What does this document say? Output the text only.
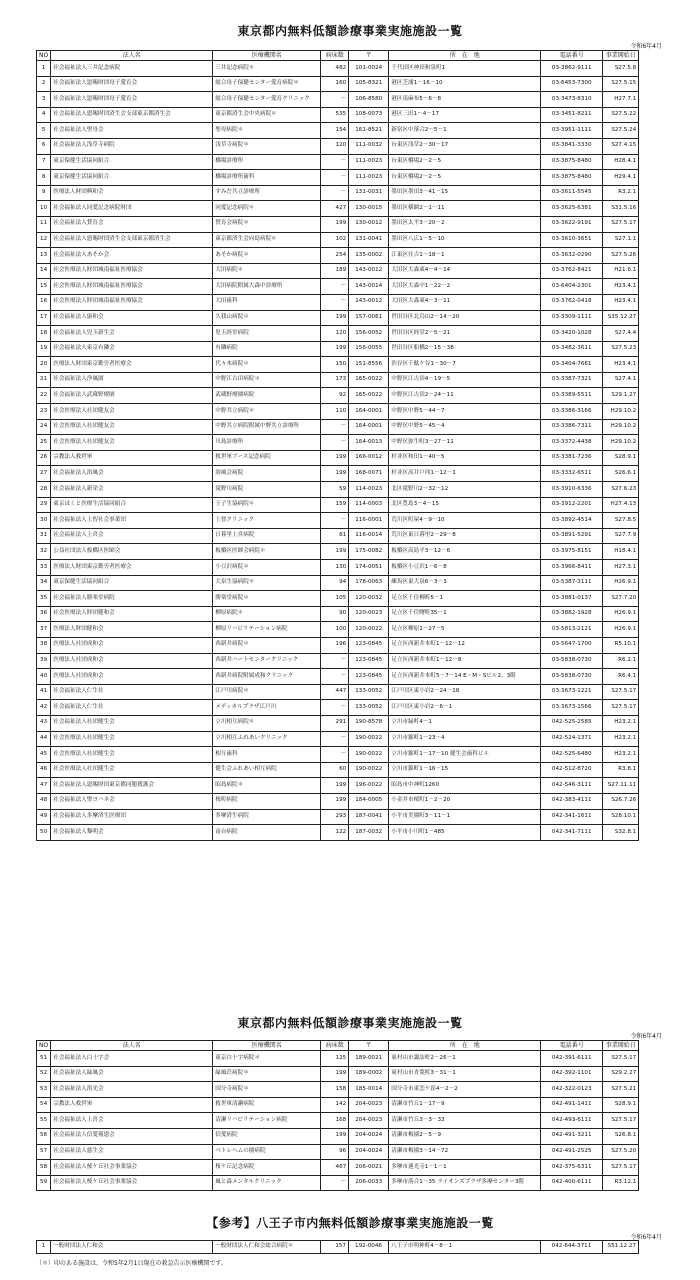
東京都内無料低額診療事業実施施設一覧
令和6年4月
NO	法人名	医療機関名	病床数	〒	所　在　地	電話番号	事業開始日
1	社会福祉法人三井記念病院	三井記念病院＊	482	101-0024	千代田区神田和泉町1	03-3862-9111	S27.5.8
2	社会福祉法人恩賜財団母子愛育会	総合母子保健センター愛育病院＊	160	105-8321	港区芝浦1－16－10	03-6453-7300	S27.5.15
3	社会福祉法人恩賜財団母子愛育会	総合母子保健センター愛育クリニック	－	106-8580	港区南麻布5－6－8	03-3473-8310	H27.7.1
4	社会福祉法人恩賜財団済生会支部東京都済生会	東京都済生会中央病院＊	535	108-0073	港区三田1－4－17	03-3451-8211	S27.5.22
5	社会福祉法人聖母会	聖母病院＊	154	161-8521	新宿区中落合2－5－1	03-3951-1111	S27.5.24
6	社会福祉法人浅草寺病院	浅草寺病院＊	120	111-0032	台東区浅草2－30－17	03-3841-3330	S27.4.15
7	東京保健生活協同組合	橋場診療所	－	111-0023	台東区橋場2－2－5	03-3875-8480	H28.4.1
8	東京保健生活協同組合	橋場診療所歯科	－	111-0023	台東区橋場2－2－5	03-3875-8480	H29.4.1
9	医療法人財団興和会	すみだ共立診療所	－	131-0031	墨田区墨田3－41－15	03-3611-5545	R3.2.1
10	社会福祉法人同愛記念病院財団	同愛記念病院＊	427	130-0015	墨田区横網2－1－11	03-3625-6381	S31.5.16
11	社会福祉法人賛育会	賛育会病院＊	199	130-0012	墨田区太平3－20－2	03-3622-9191	S27.5.17
12	社会福祉法人恩賜財団済生会支部東京都済生会	東京都済生会向島病院＊	102	131-0041	墨田区八広1－5－10	03-3610-3651	S27.1.1
13	社会福祉法人あそか会	あそか病院＊	254	135-0002	江東区住吉1－18－1	03-3632-0290	S27.5.26
14	社会医療法人財団城南福祉医療協会	大田病院＊	189	143-0012	大田区大森東4－4－14	03-3762-8421	H21.6.1
15	社会医療法人財団城南福祉医療協会	大田病院附属大森中診療所	－	143-0014	大田区大森中1－22－2	03-6404-2301	H23.4.1
16	社会医療法人財団城南福祉医療協会	大田歯科	－	143-0012	大田区大森東4－3－11	03-3762-0418	H23.4.1
17	社会福祉法人康和会	久我山病院＊	199	157-0061	世田谷区北烏山2－14－20	03-3309-1111	S35.12.27
18	社会福祉法人児玉新生会	児玉経堂病院	120	156-0052	世田谷区経堂2－5－21	03-3420-1028	S27.4.4
19	社会福祉法人東京有隣会	有隣病院	199	156-0055	世田谷区船橋2－15－38	03-3482-3611	S27.5.23
20	医療法人財団東京勤労者医療会	代々木病院＊	150	151-8556	渋谷区千駄ケ谷1－30－7	03-3404-7661	H23.4.1
21	社会福祉法人浄風園	中野江古田病院＊	173	165-0022	中野区江古田4－19－5	03-3387-7321	S27.4.1
22	社会福祉法人武蔵野療園	武蔵野療園病院	92	165-0022	中野区江古田2－24－11	03-3389-5511	S29.1.27
23	社会医療法人社団健友会	中野共立病院＊	110	164-0001	中野区中野5－44－7	03-3386-3166	H29.10.2
24	社会医療法人社団健友会	中野共立病院附属中野共立診療所	－	164-0001	中野区中野5－45－4	03-3386-7311	H29.10.2
25	社会医療法人社団健友会	川島診療所	－	164-0013	中野区弥生町3－27－11	03-3372-4438	H29.10.2
26	宗教法人救世軍	救世軍ブース記念病院	199	166-0012	杉並区和田1－40－5	03-3381-7236	S28.9.1
27	社会福祉法人浴風会	浴風会病院	199	168-0071	杉並区高井戸西1－12－1	03-3332-6511	S26.6.1
28	社会福祉法人新栄会	滝野川病院	59	114-0023	北区滝野川2－32－12	03-3910-6336	S27.6.23
29	東京ほくと医療生活協同組合	王子生協病院＊	159	114-0003	北区豊島3－4－15	03-3912-2201	H27.4.13
30	社会福祉法人上智社会事業団	上智クリニック	－	116-0001	荒川区町屋4－9－10	03-3892-4514	S27.8.5
31	社会福祉法人上宮会	日暮里上宮病院	81	116-0014	荒川区東日暮里2－29－8	03-3891-5291	S27.7.9
32	公益社団法人板橋区医師会	板橋区医師会病院＊	199	175-0082	板橋区高島平3－12－6	03-3975-8151	H18.4.1
33	医療法人財団東京勤労者医療会	小豆沢病院＊	130	174-0051	板橋区小豆沢1－6－8	03-3966-8411	H27.3.1
34	東京保健生活協同組合	大泉生協病院＊	94	178-0063	練馬区東大泉6－3－3	03-5387-3111	H26.9.1
35	社会福祉法人勝楽堂病院	勝楽堂病院＊	105	120-0032	足立区千住柳町5－1	03-3881-0137	S27.7.20
36	社会医療法人財団健和会	柳原病院＊	90	120-0023	足立区千住曙町35－1	03-3882-1928	H26.9.1
37	医療法人財団健和会	柳原リハビリテーション病院	100	120-0022	足立区柳原1－27－5	03-5813-2121	H26.9.1
38	医療法人社団成和会	西新井病院＊	196	123-0845	足立区西新井本町1－12－12	03-5647-1700	R5.10.1
39	医療法人社団成和会	西新井ハートセンタークリニック	－	123-0845	足立区西新井本町1－12－8	03-5838-0730	R6.2.1
40	医療法人社団成和会	西新井病院附属成和クリニック	－	123-0845	足立区西新井本町5－7－14 E・M・Sビル2、3階	03-5838-0730	R6.4.1
41	社会福祉法人仁生社	江戸川病院＊	447	133-0052	江戸川区東小岩2－24－18	03-3673-1221	S27.5.17
42	社会福祉法人仁生社	メディカルプラザ江戸川	－	133-0052	江戸川区東小岩2－6－1	03-3673-1566	S27.5.17
43	社会福祉法人社団健生会	立川相互病院＊	291	190-8578	立川市緑町4－1	042-525-2585	H23.2.1
44	社会医療法人社団健生会	立川相互ふれあいクリニック	－	190-0022	立川市錦町1－23－4	042-524-1371	H23.2.1
45	社会医療法人社団健生会	相互歯科	－	190-0022	立川市錦町1－17－10 健生会歯科ビル	042-525-6480	H23.2.1
46	社会医療法人社団健生会	健生会ふれあい相互病院	60	190-0022	立川市錦町1－16－15	042-512-8720	R3.8.1
47	社会福祉法人恩賜財団東京都同胞援護会	昭島病院＊	199	196-0022	昭島市中神町1260	042-546-3111	S27.11.11
48	社会福祉法人聖ヨハネ会	桜町病院	199	184-0005	小金井市桜町1－2－20	042-383-4111	S26.7.26
49	社会福祉法人多摩済生医療団	多摩済生病院	293	187-0041	小平市美園町3－11－1	042-341-1611	S28.10.1
50	社会福祉法人黎明会	南台病院	122	187-0032	小平市小川町1－485	042-341-7111	S32.8.1
東京都内無料低額診療事業実施施設一覧
令和6年4月
NO	法人名	医療機関名	病床数	〒	所　在　地	電話番号	事業開始日
51	社会福祉法人白十字会	東京白十字病院＊	125	189-0021	東村山市諏訪町2－26－1	042-391-6111	S27.5.17
52	社会福祉法人緑風会	緑風荘病院＊	199	189-0002	東村山市青葉町3－31－1	042-392-1101	S29.2.27
53	社会福祉法人浴光会	国分寺病院＊	158	185-0014	国分寺市東恋ケ窪4－2－2	042-322-0123	S27.5.21
54	宗教法人救世軍	救世軍清瀬病院	142	204-0023	清瀬市竹丘1－17－9	042-491-1411	S28.9.1
55	社会福祉法人上宮会	清瀬リハビリテーション病院	168	204-0023	清瀬市竹丘3－3－33	042-493-6111	S27.5.17
56	社会福祉法人信愛報恩会	信愛病院	199	204-0024	清瀬市梅園2－5－9	042-491-3211	S26.8.1
57	社会福祉法人慈生会	ベトレヘムの園病院	96	204-0024	清瀬市梅園3－14－72	042-491-2525	S27.5.20
58	社会福祉法人桜ケ丘社会事業協会	桜ケ丘記念病院	467	206-0021	多摩市連光寺1－1－1	042-375-6311	S27.5.17
59	社会福祉法人桜ケ丘社会事業協会	風と森メンタルクリニック	－	206-0033	多摩市落合1－35 ライオンズプラザ多摩センター3階	042-400-6111	R3.12.1
【参考】八王子市内無料低額診療事業実施施設一覧
令和6年4月
1	一般財団法人仁和会	一般財団法人仁和会総合病院＊	157	192-0046	八王子市明神町4－8－1	042-644-3711	S51.12.27
（＊）印のある施設は、令和5年2月1日現在の救急告示医療機関です。
